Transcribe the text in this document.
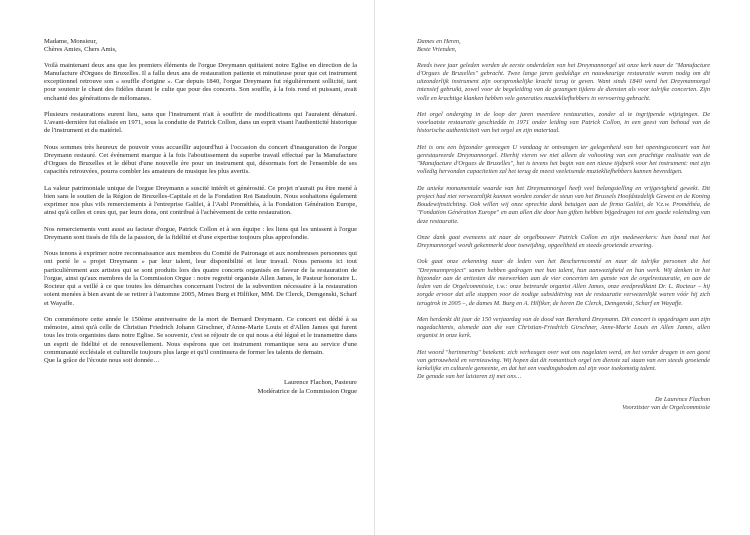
Madame, Monsieur,
Chères Amies, Chers Amis,

Voilà maintenant deux ans que les premiers éléments de l'orgue Dreymann quittaient notre Eglise en direction de la Manufacture d'Orgues de Bruxelles. Il a fallu deux ans de restauration patiente et minutieuse pour que cet instrument exceptionnel retrouve son « souffle d'origine ». Car depuis 1840, l'orgue Dreymann fut régulièrement sollicité, tant pour soutenir le chant des fidèles durant le culte que pour des concerts. Son souffle, à la fois rond et puissant, avait enchanté des générations de mélomanes.

Plusieurs restaurations eurent lieu, sans que l'instrument n'ait à souffrir de modifications qui l'auraient dénaturé. L'avant-dernière fut réalisée en 1971, sous la conduite de Patrick Collon, dans un esprit visant l'authenticité historique de l'instrument et du matériel.

Nous sommes très heureux de pouvoir vous accueillir aujourd'hui à l'occasion du concert d'inauguration de l'orgue Dreymann restauré. Cet événement marque à la fois l'aboutissement du superbe travail effectué par la Manufacture d'Orgues de Bruxelles et le début d'une nouvelle ère pour un instrument qui, désormais fort de l'ensemble de ses capacités retrouvées, pourra combler les amateurs de musique les plus avertis.

La valeur patrimoniale unique de l'orgue Dreymann a suscité intérêt et générosité. Ce projet n'aurait pu être mené à bien sans le soutien de la Région de Bruxelles-Capitale et de la Fondation Roi Baudouin. Nous souhaitons également exprimer nos plus vifs remerciements à l'entreprise Galilei, à l'Asbl Prométhéa, à la Fondation Génération Europe, ainsi qu'à celles et ceux qui, par leurs dons, ont contribué à l'achèvement de cette restauration.

Nos remerciements vont aussi au facteur d'orgue, Patrick Collon et à son équipe : les liens qui les unissent à l'orgue Dreymann sont tissés de fils de la passion, de la fidélité et d'une expertise toujours plus approfondie.

Nous tenons à exprimer notre reconnaissance aux membres du Comité de Patronage et aux nombreuses personnes qui ont porté le « projet Dreymann » par leur talent, leur disponibilité et leur travail. Nous pensons ici tout particulièrement aux artistes qui se sont produits lors des quatre concerts organisés en faveur de la restauration de l'orgue, ainsi qu'aux membres de la Commission Orgue : notre regretté organiste Allen James, le Pasteur honoraire L. Rocteur qui a veillé à ce que toutes les démarches concernant l'octroi de la subvention nécessaire à la restauration soient menées à bien avant de se retirer à l'automne 2005, Mmes Burg et Hilfiker, MM. De Clerck, Demgenski, Scharf et Wayaffe.

On commémore cette année le 150ème anniversaire de la mort de Bernard Dreymann. Ce concert est dédié à sa mémoire, ainsi qu'à celle de Christian Friedrich Johann Girschner, d'Anne-Marie Louis et d'Allen James qui furent tous les trois organistes dans notre Eglise. Se souvenir, c'est se réjouir de ce qui nous a été légué et le transmettre dans un esprit de fidélité et de renouvellement. Nous espérons que cet instrument romantique sera au service d'une communauté ecclésiale et culturelle toujours plus large et qu'il continuera de former les talents de demain.

Que la grâce de l'écoute nous soit donnée…

Laurence Flachon, Pasteure
Modératrice de la Commission Orgue
Dames en Heren,
Beste Vrienden,

Reeds twee jaar geleden werden de eerste onderdelen van het Dreymannorgel uit onze kerk naar de "Manufacture d'Orgues de Bruxelles" gebracht. Twee lange jaren geduldige en nauwkeurige restauratie waren nodig om dit uitzonderlijk instrument zijn oorspronkelijke kracht terug te geven. Want sinds 1840 werd het Dreymannorgel intensief gebruikt, zowel voor de begeleiding van de gezangen tijdens de diensten als voor talrijke concerten. Zijn volle en krachtige klanken hebben vele generaties muziekliefhebbers in vervoering gebracht.

Het orgel onderging in de loop der jaren meerdere restauraties, zonder al te ingrijpende wijzigingen. De voorlaatste restauratie geschiedde in 1971 onder leiding van Patrick Collon, in een geest van behoud van de historische authenticiteit van het orgel en zijn materiaal.

Het is ons een bijzonder genoegen U vandaag te ontvangen ter gelegenheid van het openingsconcert van het gerestaureerde Dreymannorgel. Hierbij vieren we niet alleen de voltooiing van een prachtige realisatie van de "Manufacture d'Orgues de Bruxelles", het is tevens het begin van een nieuw tijdperk voor het instrument: met zijn volledig hervonden capaciteiten zal het terug de meest veeleisende muziekliefhebbers kunnen bevredigen.

De unieke monumentale waarde van het Dreymannorgel heeft veel belangstelling en vrijgevigheid gewekt. Dit project had niet verwezenlijkt kunnen worden zonder de steun van het Brussels Hoofdstedelijk Gewest en de Koning Boudewijnstichting. Ook willen wij onze oprechte dank betuigen aan de firma Galilei, de V.z.w. Prométhéa, de "Fondation Génération Europe" en aan allen die door hun giften hebben bijgedragen tot een goede voleinding van deze restauratie.

Onze dank gaat eveneens uit naar de orgelbouwer Patrick Collon en zijn medewerkers: hun band met het Dreymannorgel wordt gekenmerkt door toewijding, opgeeltheid en steeds groeiende ervaring.

Ook gaat onze erkenning naar de leden van het Beschermcomité en naar de talrijke personen die het "Dreymannproject" samen hebben gedragen met hun talent, hun aanwezigheid en hun werk. Wij denken in het bijzonder aan de artiesten die meewerkten aan de vier concerten ten gunste van de orgelrestauratie, en aan de leden van de Orgelcommissie, t.w.: onze betreurde organist Allen James, onze eredpredikant Dr. L. Rocteur – hij zorgde ervoor dat alle stappen voor de nodige subsidiëring van de restauratie verwezenlijkt waren vóór hij zich terugtrok in 2005 –, de dames M. Burg en A. Hilfiker, de heren De Clerck, Demgenski, Scharf en Wayaffe.

Men herdenkt dit jaar de 150 verjaardag van de dood van Bernhard Dreymann. Dit concert is opgedragen aan zijn nagedachtenis, alsmede aan die van Christian-Friedrich Girschner, Anne-Marie Louis en Allen James, allen organist in onze kerk.

Het woord "herinnering" betekent: zich verheugen over wat ons nagelaten werd, en het verder dragen in een geest van getrouwheid en vernieuwing. Wij hopen dat dit romantisch orgel ten dienste zal staan van een steeds groeiende kerkelijke en culturele gemeente, en dat het een voedingsbodem zal zijn voor toekomstig talent.

De genade van het luisteren zij met ons…

De Laurence Flachon
Voorzitster van de Orgelcommissie
